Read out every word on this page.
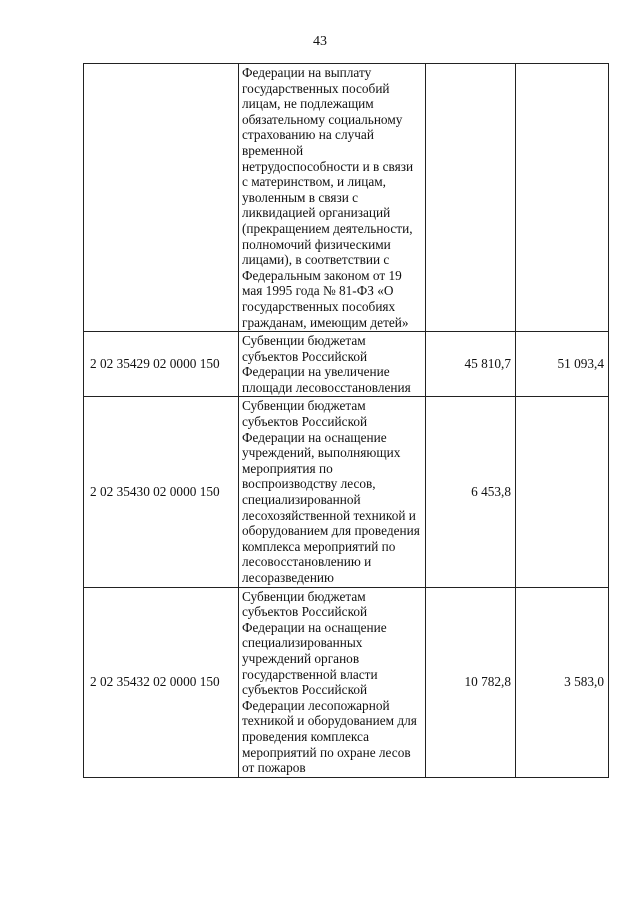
43
	Федерации на выплату государственных пособий лицам, не подлежащим обязательному социальному страхованию на случай временной нетрудоспособности и в связи с материнством, и лицам, уволенным в связи с ликвидацией организаций (прекращением деятельности, полномочий физическими лицами), в соответствии с Федеральным законом от 19 мая 1995 года № 81-ФЗ «О государственных пособиях гражданам, имеющим детей»		
2 02 35429 02 0000 150	Субвенции бюджетам субъектов Российской Федерации на увеличение площади лесовосстановления	45 810,7	51 093,4
2 02 35430 02 0000 150	Субвенции бюджетам субъектов Российской Федерации на оснащение учреждений, выполняющих мероприятия по воспроизводству лесов, специализированной лесохозяйственной техникой и оборудованием для проведения комплекса мероприятий по лесовосстановлению и лесоразведению	6 453,8	
2 02 35432 02 0000 150	Субвенции бюджетам субъектов Российской Федерации на оснащение специализированных учреждений органов государственной власти субъектов Российской Федерации лесопожарной техникой и оборудованием для проведения комплекса мероприятий по охране лесов от пожаров	10 782,8	3 583,0
